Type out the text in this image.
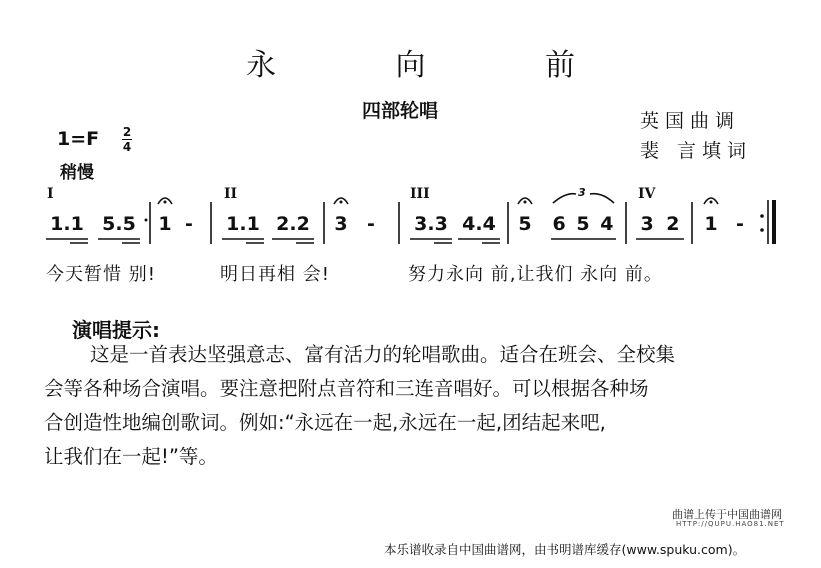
永 向 前
四部轮唱	英国曲调
裴 言填词
1=F 2
4
稍慢
I	II	III	IV
1.1 5.5 1 - 1.1 2.2 3 - 3.3 4.4 5 6 5 4 3 2 1 -
3
今天暂惜 别!	明日再相 会!	努力永向 前,让我们 永向 前。
演唱提示:
这是一首表达坚强意志、富有活力的轮唱歌曲。适合在班会、全校集
会等各种场合演唱。要注意把附点音符和三连音唱好。可以根据各种场
合创造性地编创歌词。例如:“永远在一起,永远在一起,团结起来吧,
让我们在一起!”等。
曲谱上传于中国曲谱网
HTTP://QUPU.HAO81.NET
本乐谱收录自中国曲谱网，由书明谱库缓存(www.spuku.com)。
